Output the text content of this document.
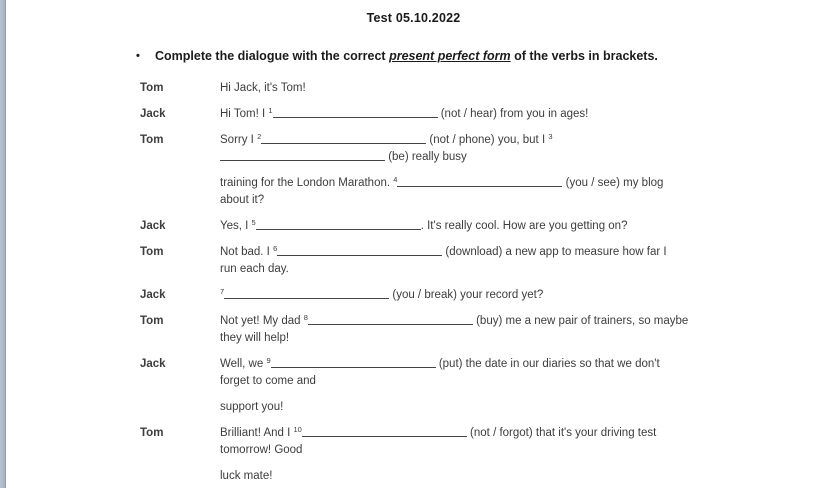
Test 05.10.2022
• Complete the dialogue with the correct present perfect form of the verbs in brackets.
Tom	Hi Jack, it's Tom!
Jack	Hi Tom! I $^1$	(not / hear) from you in ages!
Tom	Sorry I $^2$	(not / phone) you, but I $^3$
(be) really busy
training for the London Marathon. $^4$	(you / see) my blog
about it?
Jack	Yes, I $^5$	. It's really cool. How are you getting on?
Tom	Not bad. I $^6$	(download) a new app to measure how far I
run each day.
Jack	$^7$	(you / break) your record yet?
Tom	Not yet! My dad $^8$	(buy) me a new pair of trainers, so maybe
they will help!
Jack	Well, we $^9$	(put) the date in our diaries so that we don't
forget to come and
support you!
Tom	Brilliant! And I $^{10}$	(not / forgot) that it's your driving test
tomorrow! Good
luck mate!
